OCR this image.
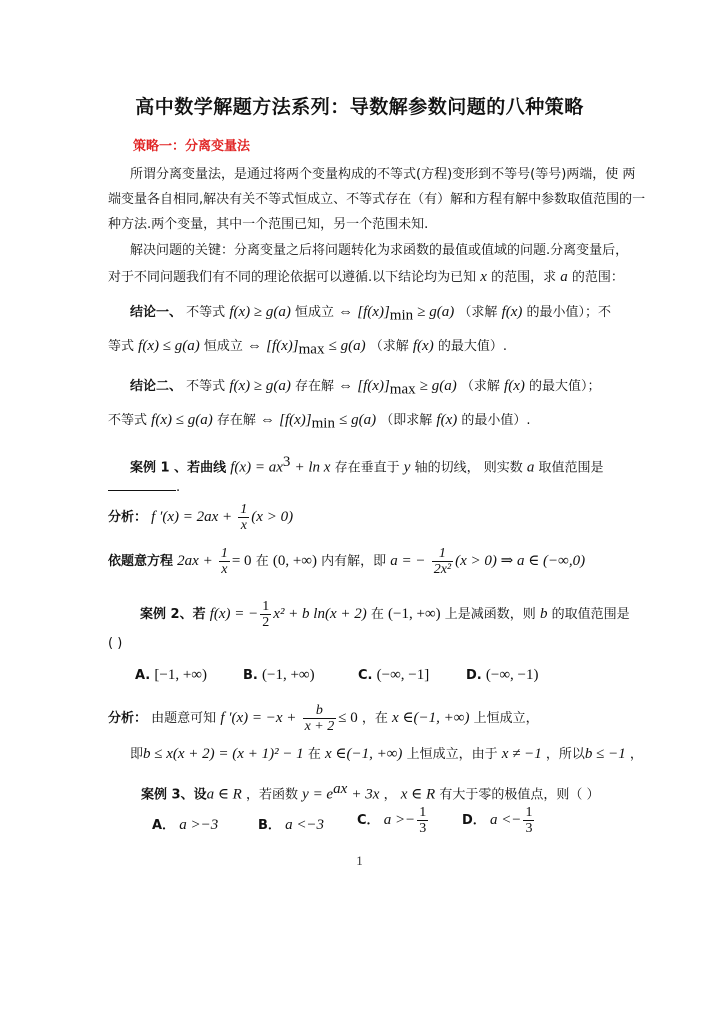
高中数学解题方法系列：导数解参数问题的八种策略
策略一：分离变量法
所谓分离变量法，是通过将两个变量构成的不等式(方程)变形到不等号(等号)两端，使 两
端变量各自相同,解决有关不等式恒成立、不等式存在（有）解和方程有解中参数取值范围的一
种方法.两个变量，其中一个范围已知，另一个范围未知.
解决问题的关键：分离变量之后将问题转化为求函数的最值或值域的问题.分离变量后，
对于不同问题我们有不同的理论依据可以遵循.以下结论均为已知 x 的范围，求 a 的范围：
结论一、 不等式 f(x) ≥ g(a) 恒成立 ⇔ $[f(x)]_{min} \ge g(a)$ （求解 f(x) 的最小值）；不
等式 f(x) ≤ g(a) 恒成立 ⇔ $[f(x)]_{max} \le g(a)$ （求解 f(x) 的最大值）.
结论二、 不等式 f(x) ≥ g(a) 存在解 ⇔ $[f(x)]_{max} \ge g(a)$ （求解 f(x) 的最大值）；
不等式 f(x) ≤ g(a) 存在解 ⇔ $[f(x)]_{min} \le g(a)$ （即求解 f(x) 的最小值）.
案例 1 、若曲线 $f(x) = ax^3 + \ln x$ 存在垂直于 y 轴的切线， 则实数 a 取值范围是
.
分析： f $'(x) = 2ax + \frac{1}{x} (x > 0)$
依题意方程 $2ax + \frac{1}{x} = 0$ 在 (0, +∞) 内有解，即 a = − $\frac{1}{\text{2x²}} (x > 0)$ ⇒ a ∈ (−∞,0)
案例 2、若 f(x) = − $\frac{1}{2} x^2 + b$ ln(x + 2) 在 (−1, +∞) 上是减函数，则 b 的取值范围是
( )
A. [−1, +∞)	B. (−1, +∞)	C. (−∞, −1]	D. (−∞, −1)
分析： 由题意可知 f $'(x) = -x + \frac{b}{x + 2} \le 0$ ，在 x ∈(−1, +∞) 上恒成立，
即b ≤ x(x + 2) = (x + 1)² − 1 在 x ∈(−1, +∞) 上恒成立，由于 x ≠ −1 ，所以b ≤ −1 ，
案例 3、设a ∈ R ，若函数 $y = e^{ax} + 3x$ ， x ∈ R 有大于零的极值点，则（ ）
A． a >−3	B． a <−3	C． $a >- \frac{1}{3}$	D． $a <- \frac{1}{3}$
1
